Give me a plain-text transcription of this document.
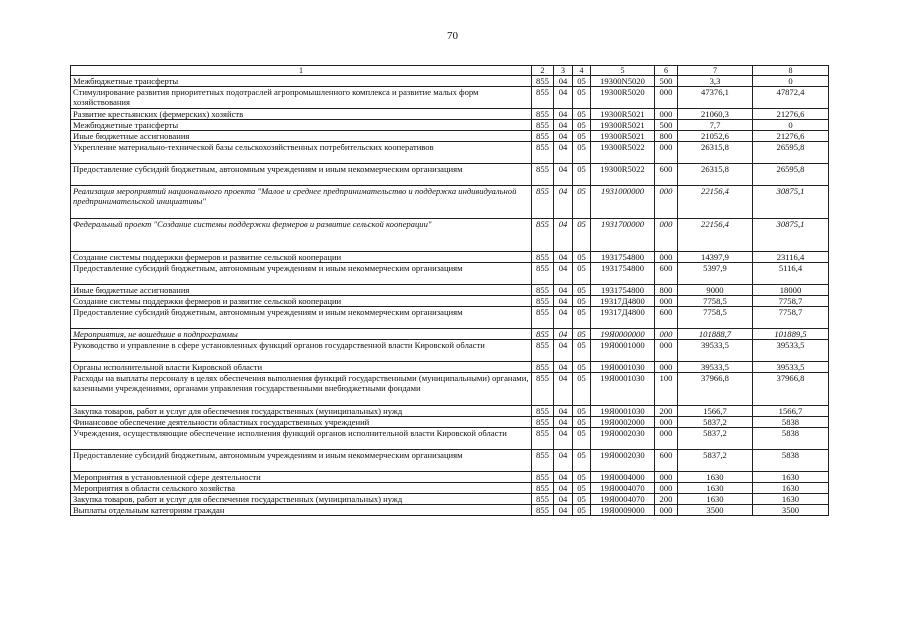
70
1	2	3	4	5	6	7	8
Межбюджетные трансферты	855	04	05	19300N5020	500	3,3	0
Стимулирование развития приоритетных подотраслей агропромышленного комплекса и развитие малых форм хозяйствования	855	04	05	19300R5020	000	47376,1	47872,4
Развитие крестьянских (фермерских) хозяйств	855	04	05	19300R5021	000	21060,3	21276,6
Межбюджетные трансферты	855	04	05	19300R5021	500	7,7	0
Иные бюджетные ассигнования	855	04	05	19300R5021	800	21052,6	21276,6
Укрепление материально-технической базы сельскохозяйственных потребительских кооперативов	855	04	05	19300R5022	000	26315,8	26595,8
Предоставление субсидий бюджетным, автономным учреждениям и иным некоммерческим организациям	855	04	05	19300R5022	600	26315,8	26595,8
Реализация мероприятий национального проекта "Малое и среднее предпринимательство и поддержка индивидуальной предпринимательской инициативы"	855	04	05	1931000000	000	22156,4	30875,1
Федеральный проект "Создание системы поддержки фермеров и развитие сельской кооперации"	855	04	05	1931700000	000	22156,4	30875,1
Создание системы поддержки фермеров и развитие сельской кооперации	855	04	05	1931754800	000	14397,9	23116,4
Предоставление субсидий бюджетным, автономным учреждениям и иным некоммерческим организациям	855	04	05	1931754800	600	5397,9	5116,4
Иные бюджетные ассигнования	855	04	05	1931754800	800	9000	18000
Создание системы поддержки фермеров и развитие сельской кооперации	855	04	05	19317Д4800	000	7758,5	7758,7
Предоставление субсидий бюджетным, автономным учреждениям и иным некоммерческим организациям	855	04	05	19317Д4800	600	7758,5	7758,7
Мероприятия, не вошедшие в подпрограммы	855	04	05	19Я0000000	000	101888,7	101889,5
Руководство и управление в сфере установленных функций органов государственной власти Кировской области	855	04	05	19Я0001000	000	39533,5	39533,5
Органы исполнительной власти Кировской области	855	04	05	19Я0001030	000	39533,5	39533,5
Расходы на выплаты персоналу в целях обеспечения выполнения функций государственными (муниципальными) органами, казенными учреждениями, органами управления государственными внебюджетными фондами	855	04	05	19Я0001030	100	37966,8	37966,8
Закупка товаров, работ и услуг для обеспечения государственных (муниципальных) нужд	855	04	05	19Я0001030	200	1566,7	1566,7
Финансовое обеспечение деятельности областных государственных учреждений	855	04	05	19Я0002000	000	5837,2	5838
Учреждения, осуществляющие обеспечение исполнения функций органов исполнительной власти Кировской области	855	04	05	19Я0002030	000	5837,2	5838
Предоставление субсидий бюджетным, автономным учреждениям и иным некоммерческим организациям	855	04	05	19Я0002030	600	5837,2	5838
Мероприятия в установленной сфере деятельности	855	04	05	19Я0004000	000	1630	1630
Мероприятия в области сельского хозяйства	855	04	05	19Я0004070	000	1630	1630
Закупка товаров, работ и услуг для обеспечения государственных (муниципальных) нужд	855	04	05	19Я0004070	200	1630	1630
Выплаты отдельным категориям граждан	855	04	05	19Я0009000	000	3500	3500
